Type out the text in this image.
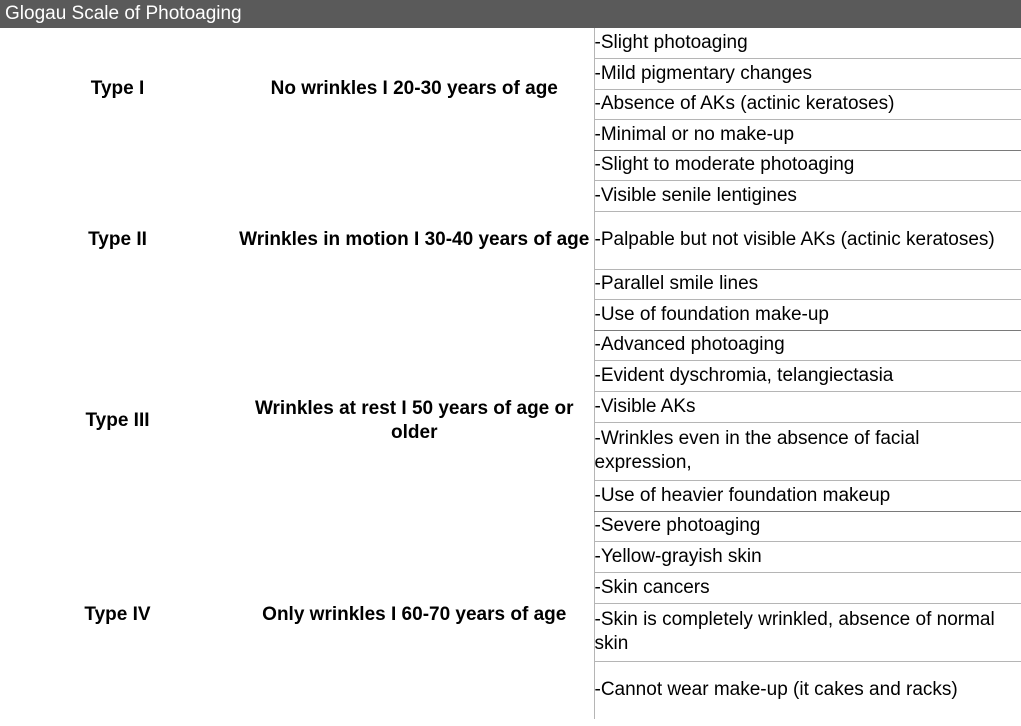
Glogau Scale of Photoaging
Type I	No wrinkles I 20-30 years of age	-Slight photoaging
		-Mild pigmentary changes
		-Absence of AKs (actinic keratoses)
		-Minimal or no make-up
Type II	Wrinkles in motion I 30-40 years of age	-Slight to moderate photoaging
		-Visible senile lentigines
		-Palpable but not visible AKs (actinic keratoses)
		-Parallel smile lines
		-Use of foundation make-up
Type III	Wrinkles at rest I 50 years of age or older	-Advanced photoaging
		-Evident dyschromia, telangiectasia
		-Visible AKs
		-Wrinkles even in the absence of facial expression,
		-Use of heavier foundation makeup
Type IV	Only wrinkles I 60-70 years of age	-Severe photoaging
		-Yellow-grayish skin
		-Skin cancers
		-Skin is completely wrinkled, absence of normal skin
		-Cannot wear make-up (it cakes and racks)
